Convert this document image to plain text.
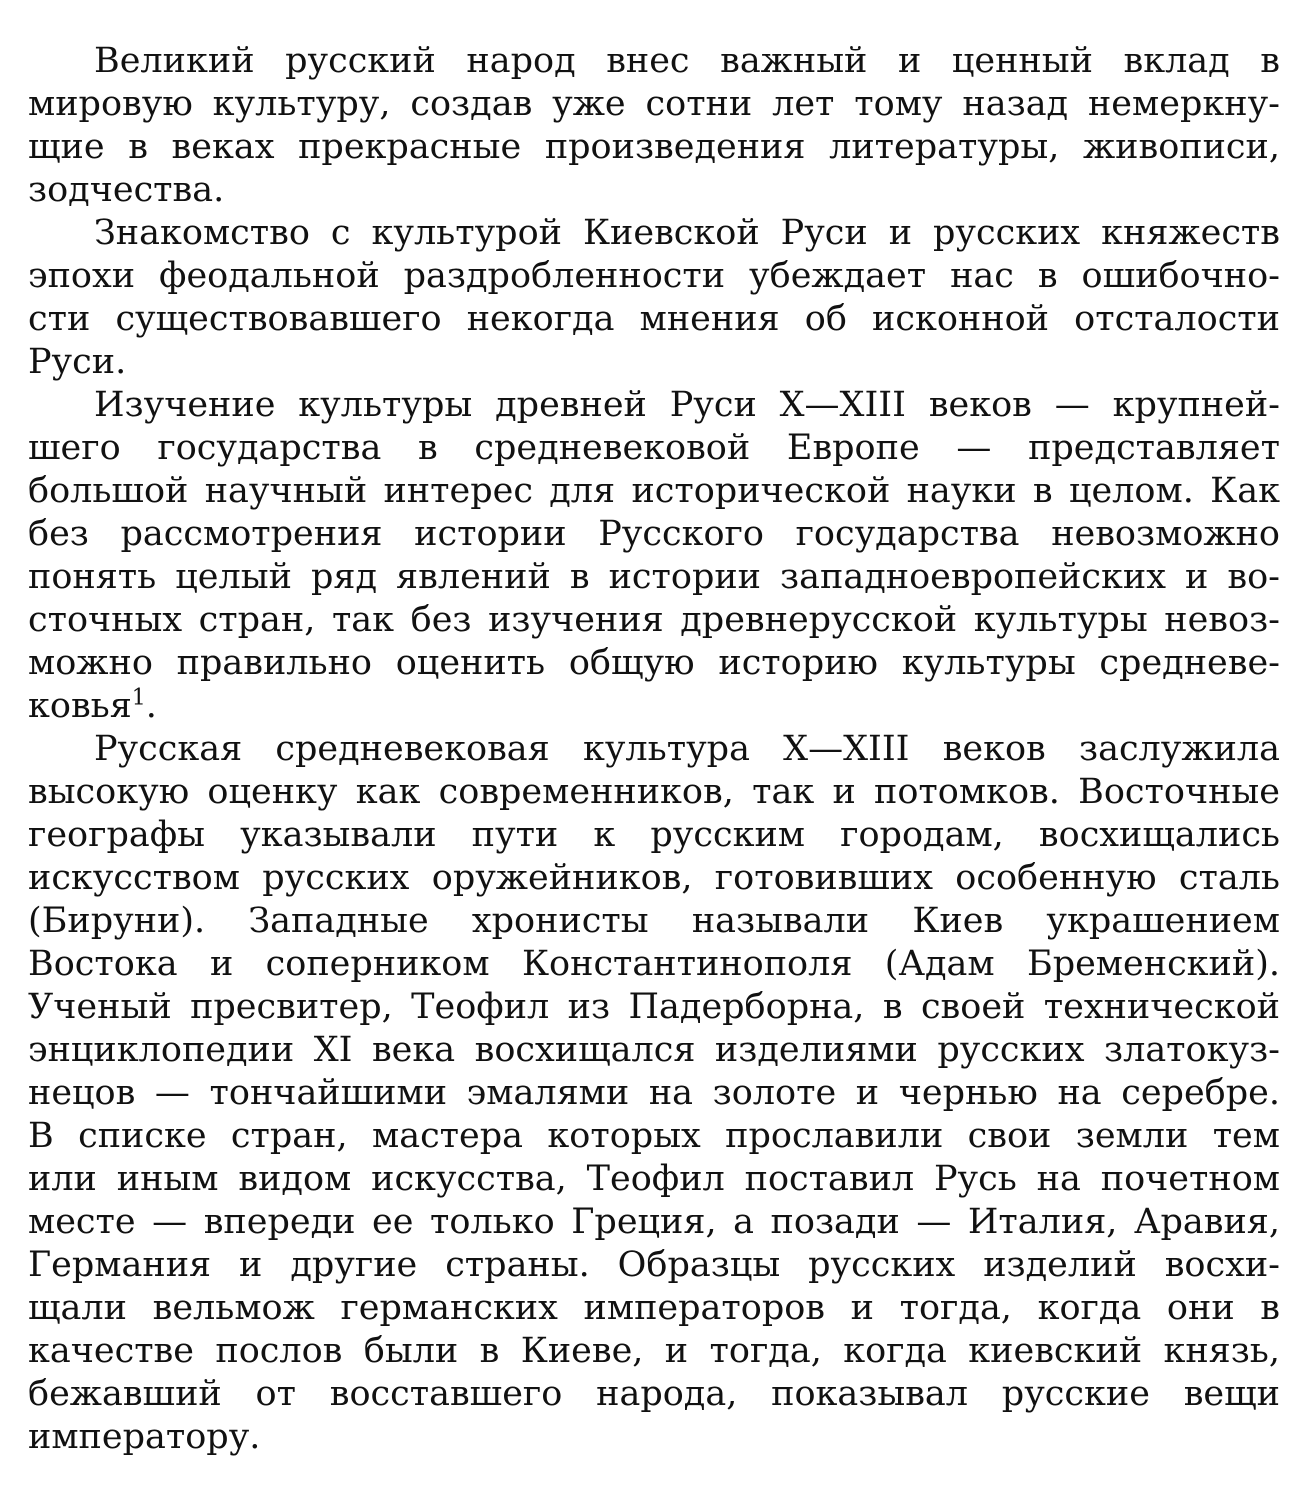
Великий русский народ внес важный и ценный вклад в
мировую культуру, создав уже сотни лет тому назад немеркну-
щие в веках прекрасные произведения литературы, живописи,
зодчества.
Знакомство с культурой Киевской Руси и русских княжеств
эпохи феодальной раздробленности убеждает нас в ошибочно-
сти существовавшего некогда мнения об исконной отсталости
Руси.
Изучение культуры древней Руси X—XIII веков — крупней-
шего государства в средневековой Европе — представляет
большой научный интерес для исторической науки в целом. Как
без рассмотрения истории Русского государства невозможно
понять целый ряд явлений в истории западноевропейских и во-
сточных стран, так без изучения древнерусской культуры невоз-
можно правильно оценить общую историю культуры средневе-
ковья$^1$.
Русская средневековая культура X—XIII веков заслужила
высокую оценку как современников, так и потомков. Восточные
географы указывали пути к русским городам, восхищались
искусством русских оружейников, готовивших особенную сталь
(Бируни). Западные хронисты называли Киев украшением
Востока и соперником Константинополя (Адам Бременский).
Ученый пресвитер, Теофил из Падерборна, в своей технической
энциклопедии XI века восхищался изделиями русских златокуз-
нецов — тончайшими эмалями на золоте и чернью на серебре.
В списке стран, мастера которых прославили свои земли тем
или иным видом искусства, Теофил поставил Русь на почетном
месте — впереди ее только Греция, а позади — Италия, Аравия,
Германия и другие страны. Образцы русских изделий восхи-
щали вельмож германских императоров и тогда, когда они в
качестве послов были в Киеве, и тогда, когда киевский князь,
бежавший от восставшего народа, показывал русские вещи
императору.
